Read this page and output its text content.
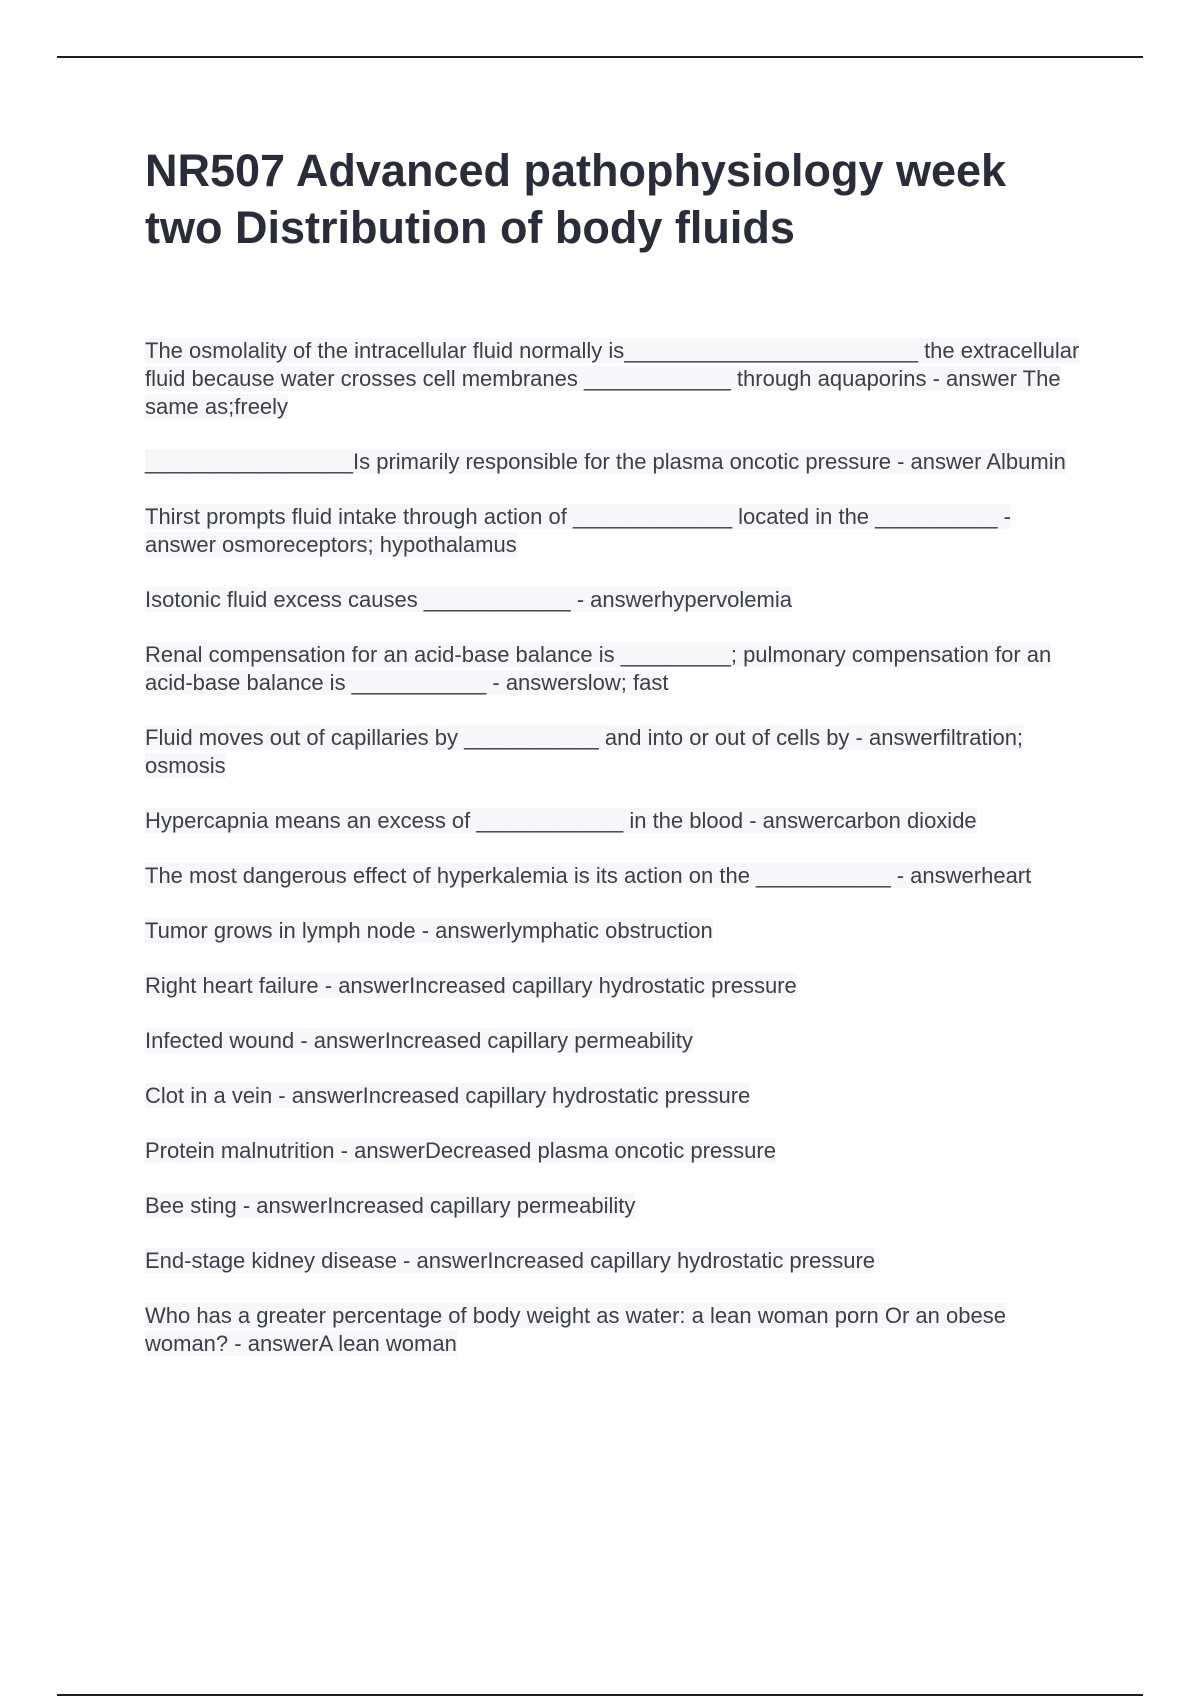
NR507 Advanced pathophysiology week two Distribution of body fluids
The osmolality of the intracellular fluid normally is________________________ the extracellular fluid because water crosses cell membranes ____________ through aquaporins - answer The same as;freely
_________________Is primarily responsible for the plasma oncotic pressure - answer Albumin
Thirst prompts fluid intake through action of _____________ located in the __________ - answer osmoreceptors; hypothalamus
Isotonic fluid excess causes ____________ - answerhypervolemia
Renal compensation for an acid-base balance is _________; pulmonary compensation for an acid-base balance is ___________ - answerslow; fast
Fluid moves out of capillaries by ___________ and into or out of cells by - answerfiltration; osmosis
Hypercapnia means an excess of ____________ in the blood - answercarbon dioxide
The most dangerous effect of hyperkalemia is its action on the ___________ - answerheart
Tumor grows in lymph node - answerlymphatic obstruction
Right heart failure - answerIncreased capillary hydrostatic pressure
Infected wound - answerIncreased capillary permeability
Clot in a vein - answerIncreased capillary hydrostatic pressure
Protein malnutrition - answerDecreased plasma oncotic pressure
Bee sting - answerIncreased capillary permeability
End-stage kidney disease - answerIncreased capillary hydrostatic pressure
Who has a greater percentage of body weight as water: a lean woman porn Or an obese woman? - answerA lean woman
